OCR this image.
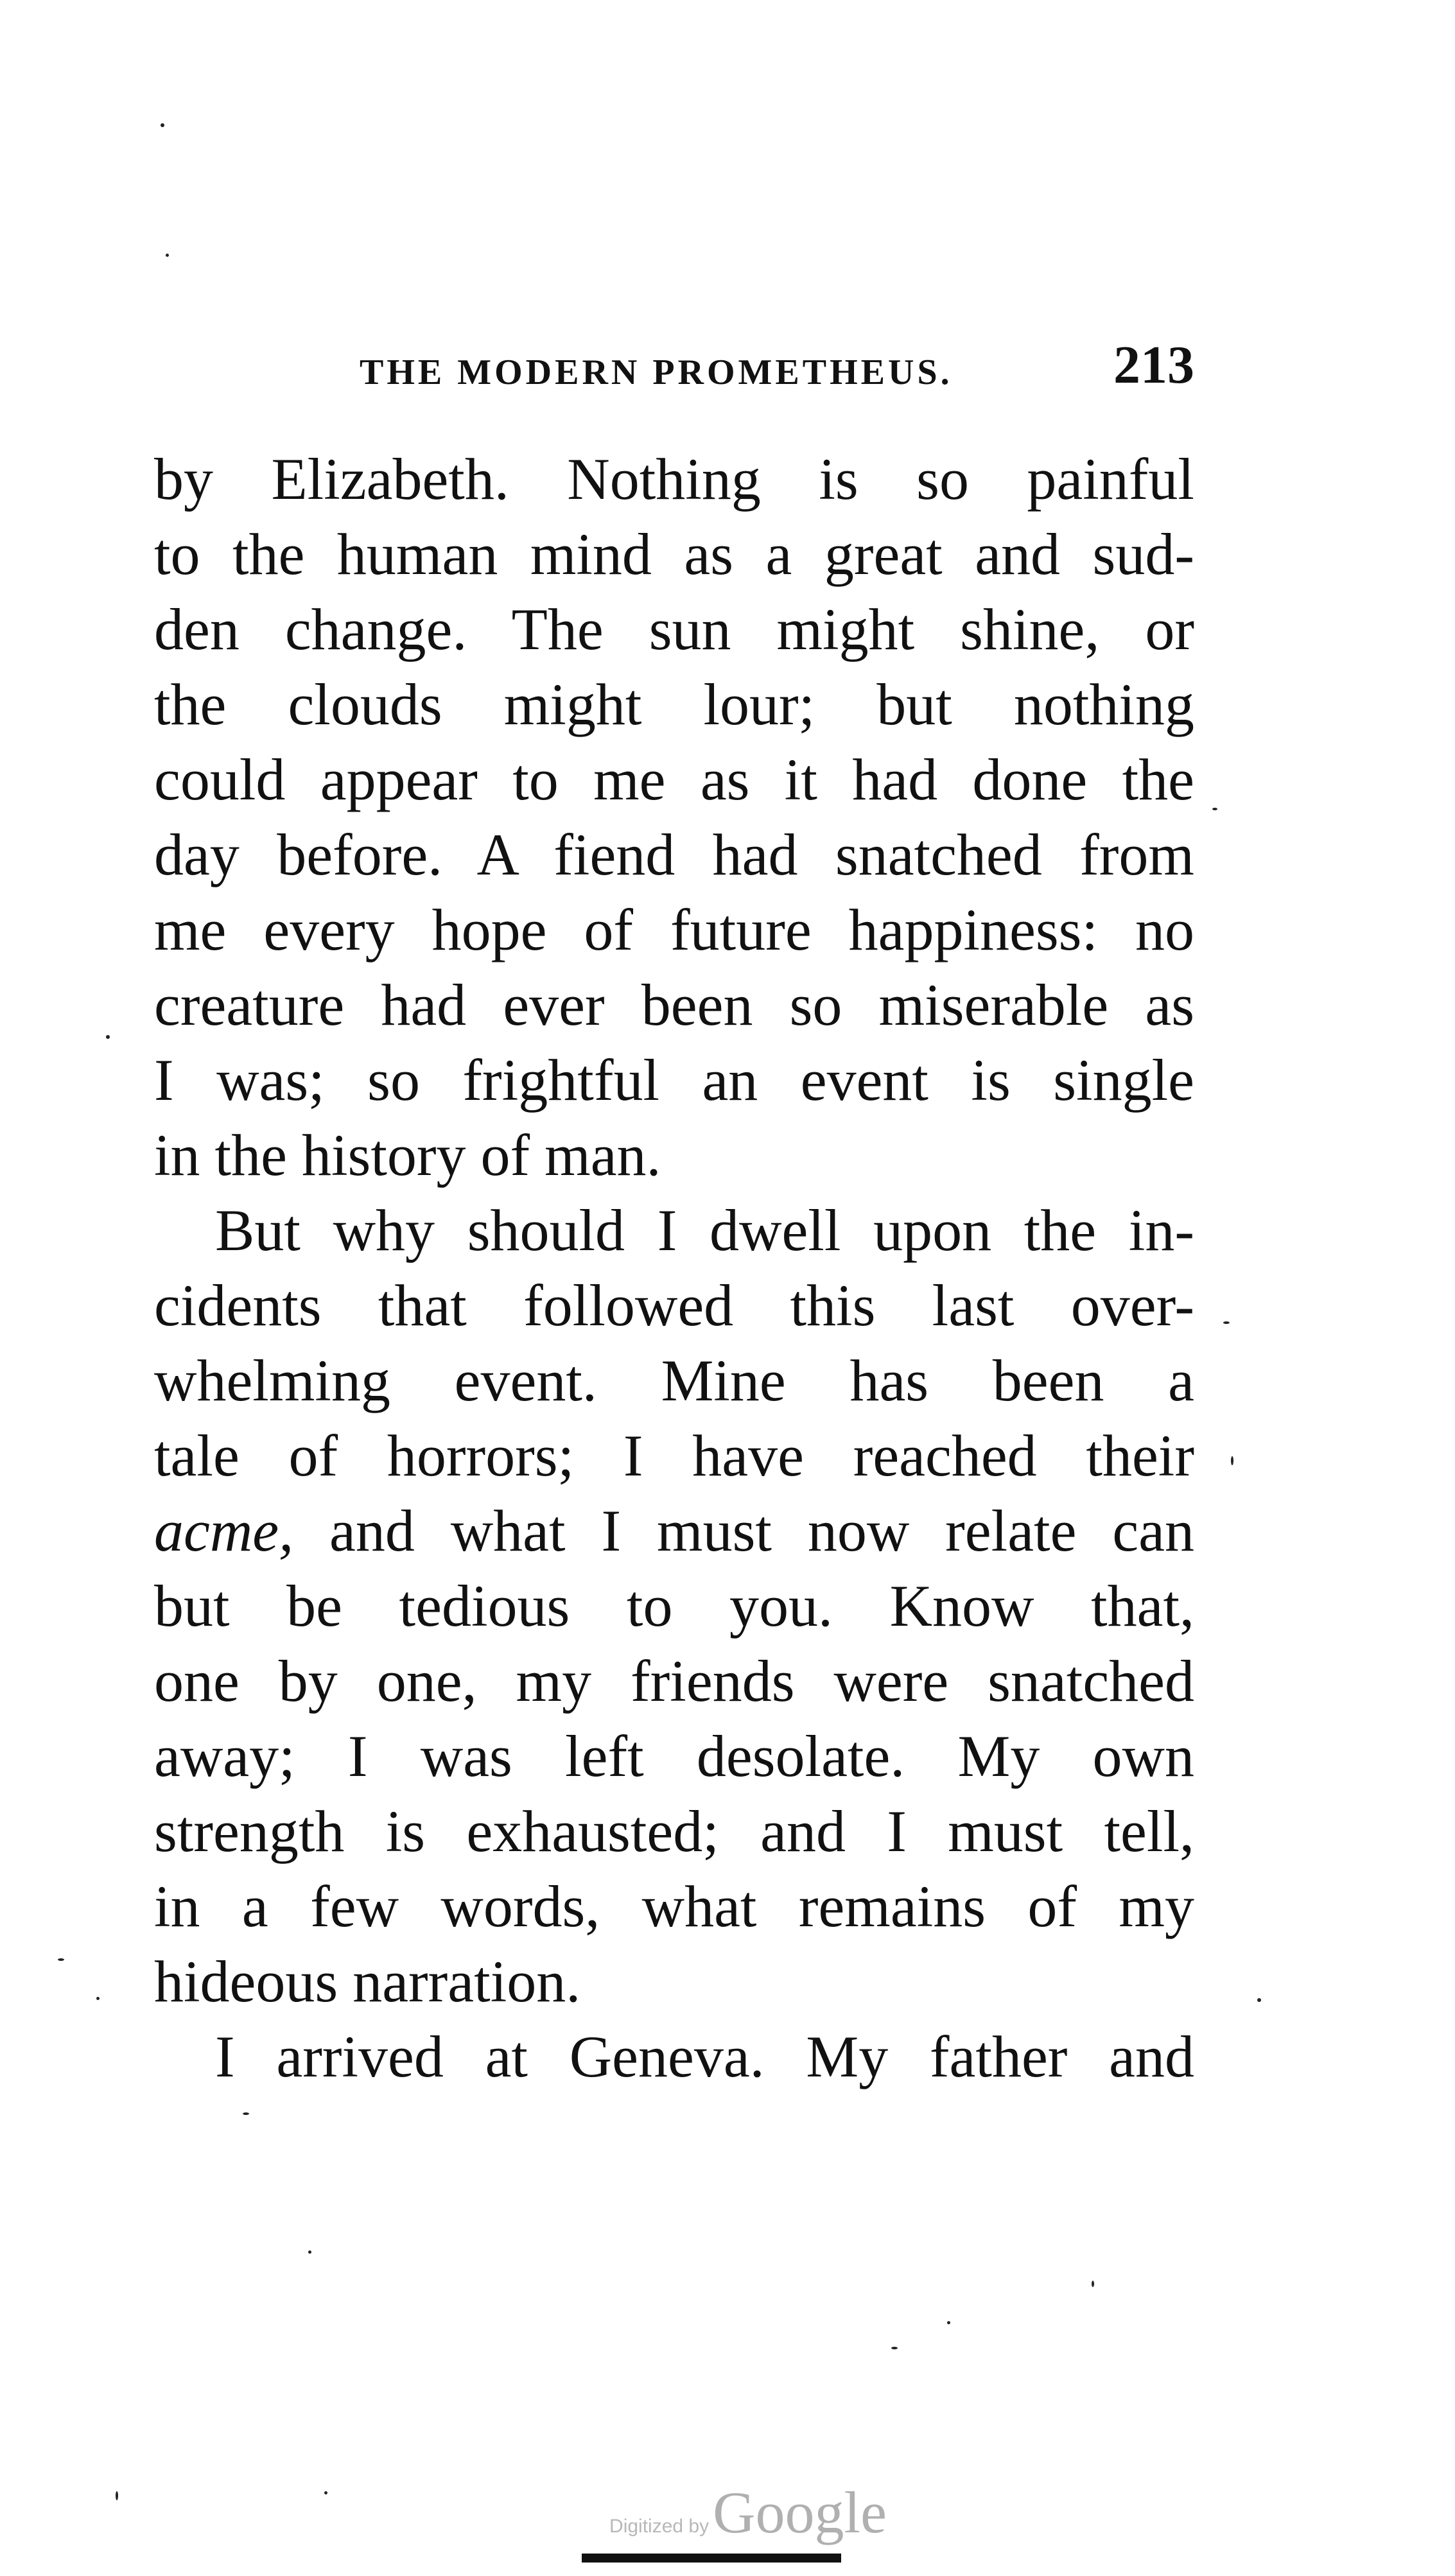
THE MODERN PROMETHEUS.	213
by Elizabeth. Nothing is so painful
to the human mind as a great and sud-
den change. The sun might shine, or
the clouds might lour; but nothing
could appear to me as it had done the
day before. A fiend had snatched from
me every hope of future happiness: no
creature had ever been so miserable as
I was; so frightful an event is single
in the history of man.
But why should I dwell upon the in-
cidents that followed this last over-
whelming event. Mine has been a
tale of horrors; I have reached their
acme, and what I must now relate can
but be tedious to you. Know that,
one by one, my friends were snatched
away; I was left desolate. My own
strength is exhausted; and I must tell,
in a few words, what remains of my
hideous narration.
I arrived at Geneva. My father and
Digitized byGoogle
